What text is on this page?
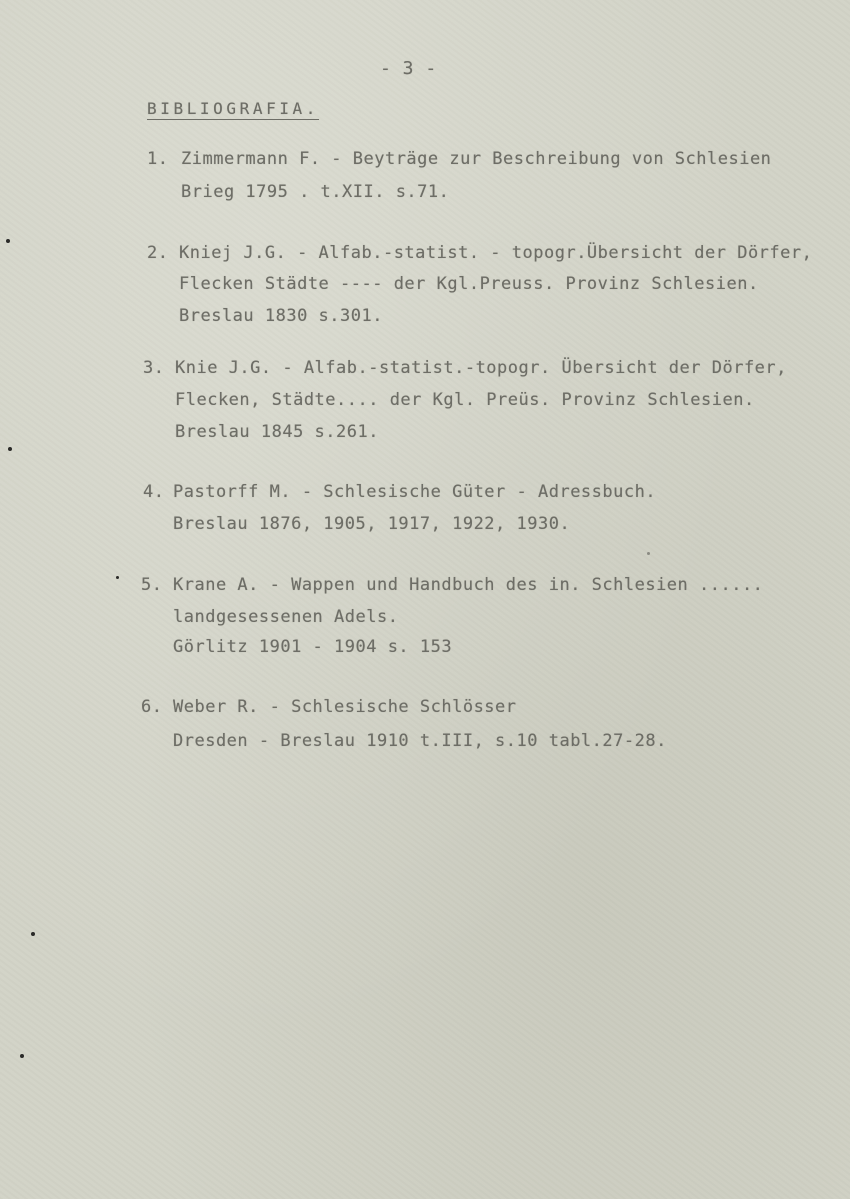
- 3 -
BIBLIOGRAFIA.
1. Zimmermann F. - Beyträge zur Beschreibung von Schlesien
Brieg 1795 . t.XII. s.71.
2. Kniej J.G. - Alfab.-statist. - topogr.Übersicht der Dörfer,
Flecken Städte ---- der Kgl.Preuss. Provinz Schlesien.
Breslau 1830 s.301.
3. Knie J.G. - Alfab.-statist.-topogr. Übersicht der Dörfer,
Flecken, Städte.... der Kgl. Preüs. Provinz Schlesien.
Breslau 1845 s.261.
4. Pastorff M. - Schlesische Güter - Adressbuch.
Breslau 1876, 1905, 1917, 1922, 1930.
5. Krane A. - Wappen und Handbuch des in. Schlesien ......
landgesessenen Adels.
Görlitz 1901 - 1904 s. 153
6. Weber R. - Schlesische Schlösser
Dresden - Breslau 1910 t.III, s.10 tabl.27-28.
